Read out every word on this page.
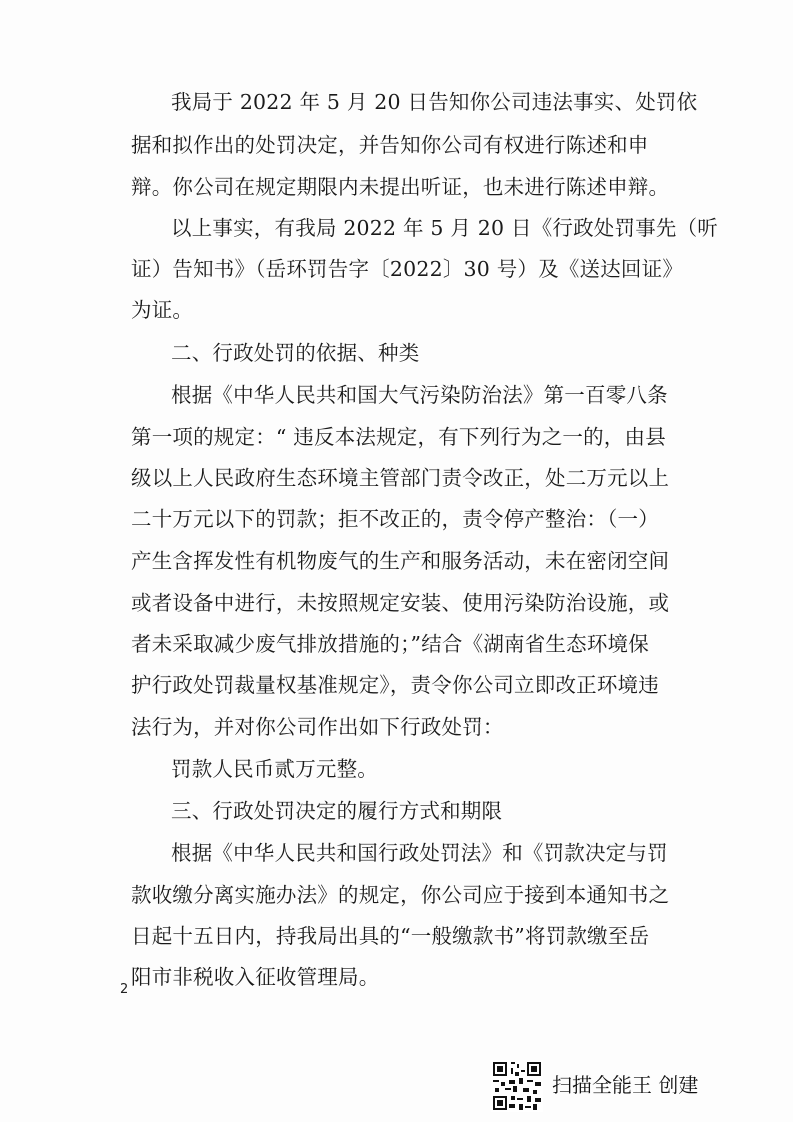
我局于 2022 年 5 月 20 日告知你公司违法事实、处罚依
据和拟作出的处罚决定，并告知你公司有权进行陈述和申
辩。你公司在规定期限内未提出听证，也未进行陈述申辩。
以上事实，有我局 2022 年 5 月 20 日《行政处罚事先（听
证）告知书》（岳环罚告字〔2022〕30 号）及《送达回证》
为证。
二、行政处罚的依据、种类
根据《中华人民共和国大气污染防治法》第一百零八条
第一项的规定：“ 违反本法规定，有下列行为之一的，由县
级以上人民政府生态环境主管部门责令改正，处二万元以上
二十万元以下的罚款；拒不改正的，责令停产整治：（一）
产生含挥发性有机物废气的生产和服务活动，未在密闭空间
或者设备中进行，未按照规定安装、使用污染防治设施，或
者未采取减少废气排放措施的；”结合《湖南省生态环境保
护行政处罚裁量权基准规定》，责令你公司立即改正环境违
法行为，并对你公司作出如下行政处罚：
罚款人民币贰万元整。
三、行政处罚决定的履行方式和期限
根据《中华人民共和国行政处罚法》和《罚款决定与罚
款收缴分离实施办法》的规定，你公司应于接到本通知书之
日起十五日内，持我局出具的“一般缴款书”将罚款缴至岳
阳市非税收入征收管理局。
2
扫描全能王 创建
